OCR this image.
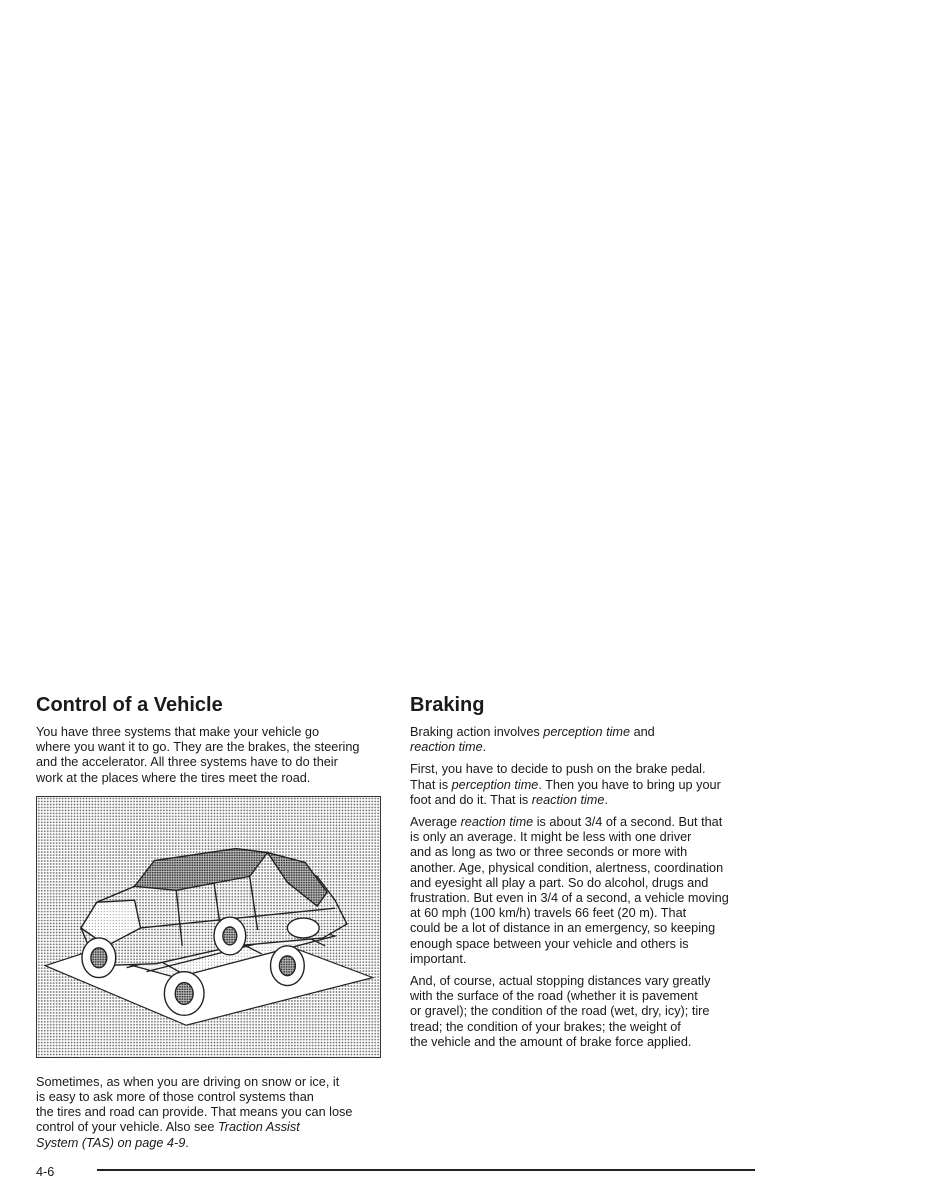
Control of a Vehicle

You have three systems that make your vehicle go
where you want it to go. They are the brakes, the steering
and the accelerator. All three systems have to do their
work at the places where the tires meet the road.

Sometimes, as when you are driving on snow or ice, it
is easy to ask more of those control systems than
the tires and road can provide. That means you can lose
control of your vehicle. Also see Traction Assist
System (TAS) on page 4-9.

Braking

Braking action involves perception time and
reaction time.

First, you have to decide to push on the brake pedal.
That is perception time. Then you have to bring up your
foot and do it. That is reaction time.

Average reaction time is about 3/4 of a second. But that
is only an average. It might be less with one driver
and as long as two or three seconds or more with
another. Age, physical condition, alertness, coordination
and eyesight all play a part. So do alcohol, drugs and
frustration. But even in 3/4 of a second, a vehicle moving
at 60 mph (100 km/h) travels 66 feet (20 m). That
could be a lot of distance in an emergency, so keeping
enough space between your vehicle and others is
important.

And, of course, actual stopping distances vary greatly
with the surface of the road (whether it is pavement
or gravel); the condition of the road (wet, dry, icy); tire
tread; the condition of your brakes; the weight of
the vehicle and the amount of brake force applied.

4-6
